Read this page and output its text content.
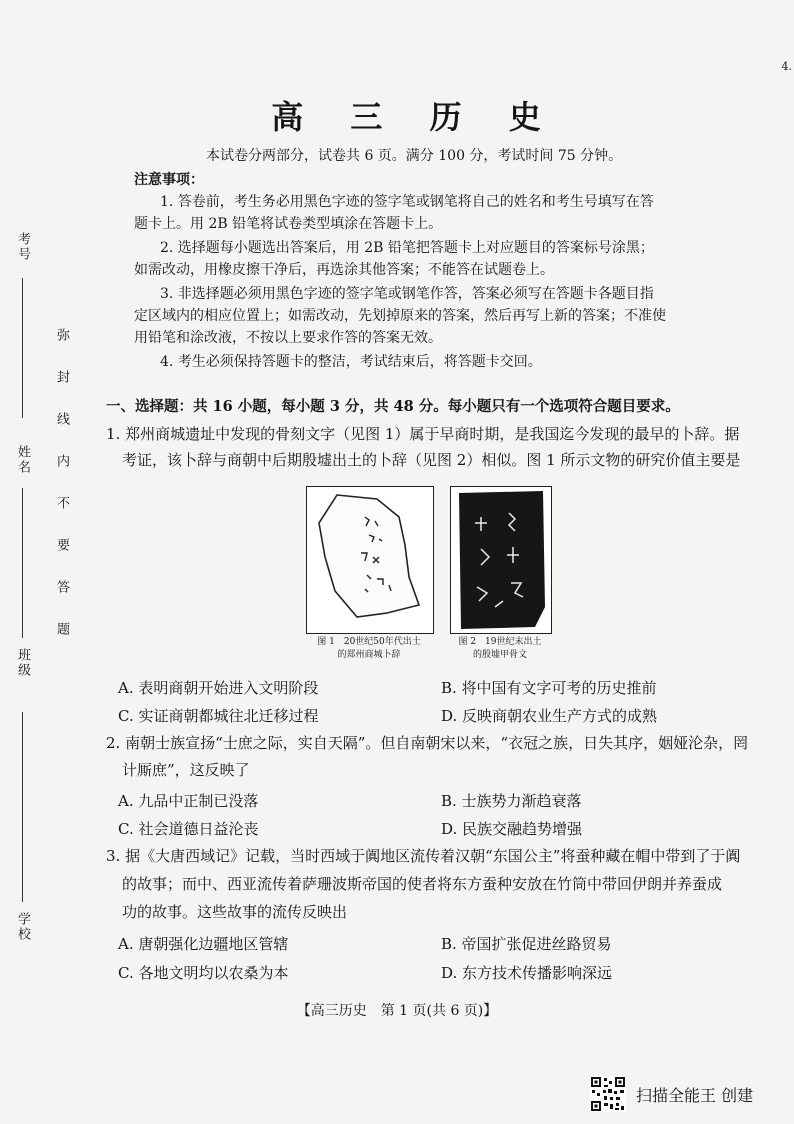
考号
姓名
班级
学校
弥　封　线　内　不　要　答　题
4.
高 三 历 史
本试卷分两部分，试卷共 6 页。满分 100 分，考试时间 75 分钟。
注意事项：
1. 答卷前，考生务必用黑色字迹的签字笔或钢笔将自己的姓名和考生号填写在答
题卡上。用 2B 铅笔将试卷类型填涂在答题卡上。
2. 选择题每小题选出答案后，用 2B 铅笔把答题卡上对应题目的答案标号涂黑；
如需改动，用橡皮擦干净后，再选涂其他答案；不能答在试题卷上。
3. 非选择题必须用黑色字迹的签字笔或钢笔作答，答案必须写在答题卡各题目指
定区域内的相应位置上；如需改动，先划掉原来的答案，然后再写上新的答案；不准使
用铅笔和涂改液，不按以上要求作答的答案无效。
4. 考生必须保持答题卡的整洁，考试结束后，将答题卡交回。
一、选择题：共 16 小题，每小题 3 分，共 48 分。每小题只有一个选项符合题目要求。
1. 郑州商城遗址中发现的骨刻文字（见图 1）属于早商时期，是我国迄今发现的最早的卜辞。据
考证，该卜辞与商朝中后期殷墟出土的卜辞（见图 2）相似。图 1 所示文物的研究价值主要是
图 1　20世纪50年代出土
的郑州商城卜辞
图 2　19世纪末出土
的殷墟甲骨文
A. 表明商朝开始进入文明阶段	B. 将中国有文字可考的历史推前
C. 实证商朝都城往北迁移过程	D. 反映商朝农业生产方式的成熟
2. 南朝士族宣扬“士庶之际，实自天隔”。但自南朝宋以来，“衣冠之族，日失其序，姻娅沦杂，罔
计厮庶”，这反映了
A. 九品中正制已没落	B. 士族势力渐趋衰落
C. 社会道德日益沦丧	D. 民族交融趋势增强
3. 据《大唐西域记》记载，当时西域于阗地区流传着汉朝“东国公主”将蚕种藏在帽中带到了于阗
的故事；而中、西亚流传着萨珊波斯帝国的使者将东方蚕种安放在竹筒中带回伊朗并养蚕成
功的故事。这些故事的流传反映出
A. 唐朝强化边疆地区管辖	B. 帝国扩张促进丝路贸易
C. 各地文明均以农桑为本	D. 东方技术传播影响深远
【高三历史　第 1 页(共 6 页)】
扫描全能王 创建
